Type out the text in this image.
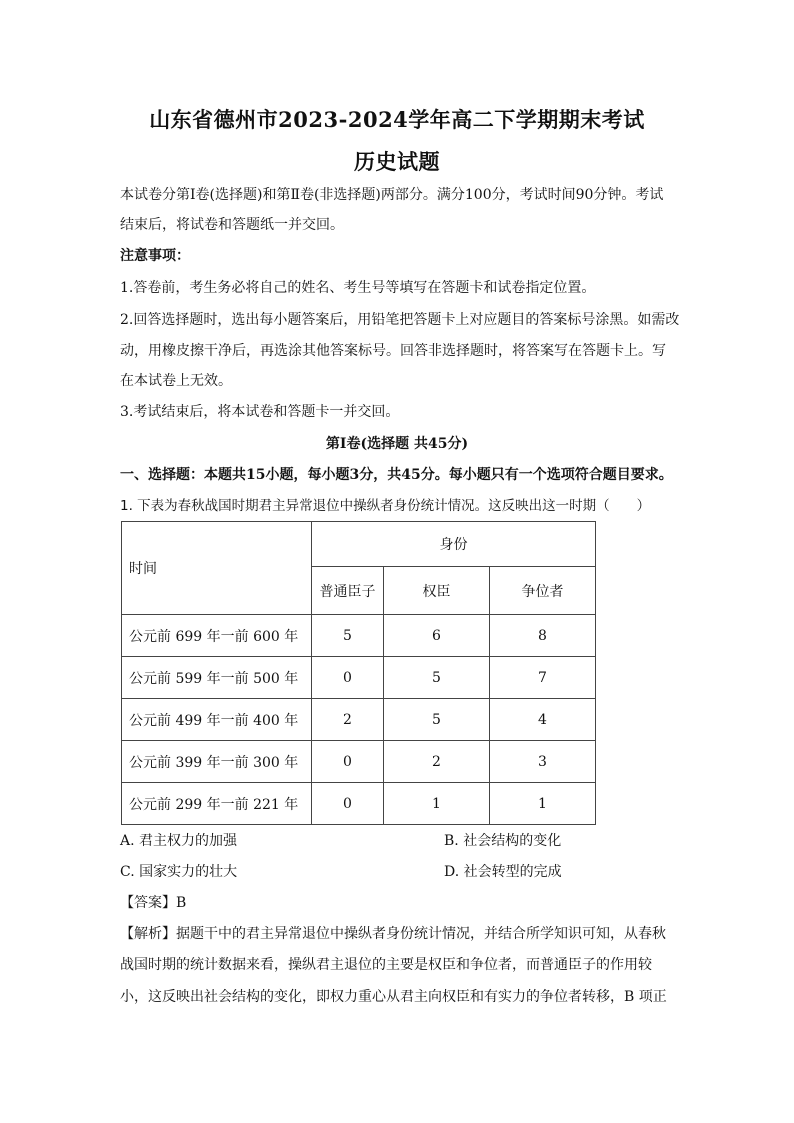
山东省德州市2023-2024学年高二下学期期末考试
历史试题
本试卷分第Ⅰ卷(选择题)和第Ⅱ卷(非选择题)两部分。满分100分，考试时间90分钟。考试
结束后，将试卷和答题纸一并交回。
注意事项：
1.答卷前，考生务必将自己的姓名、考生号等填写在答题卡和试卷指定位置。
2.回答选择题时，选出每小题答案后，用铅笔把答题卡上对应题目的答案标号涂黑。如需改
动，用橡皮擦干净后，再选涂其他答案标号。回答非选择题时，将答案写在答题卡上。写
在本试卷上无效。
3.考试结束后，将本试卷和答题卡一并交回。
第Ⅰ卷(选择题 共45分)
一、选择题：本题共15小题，每小题3分，共45分。每小题只有一个选项符合题目要求。
1. 下表为春秋战国时期君主异常退位中操纵者身份统计情况。这反映出这一时期（　　）
时间	身份		
	普通臣子	权臣	争位者
公元前 699 年一前 600 年	5	6	8
公元前 599 年一前 500 年	0	5	7
公元前 499 年一前 400 年	2	5	4
公元前 399 年一前 300 年	0	2	3
公元前 299 年一前 221 年	0	1	1
A. 君主权力的加强	B. 社会结构的变化
C. 国家实力的壮大	D. 社会转型的完成
【答案】B
【解析】据题干中的君主异常退位中操纵者身份统计情况，并结合所学知识可知，从春秋
战国时期的统计数据来看，操纵君主退位的主要是权臣和争位者，而普通臣子的作用较
小，这反映出社会结构的变化，即权力重心从君主向权臣和有实力的争位者转移，B 项正
